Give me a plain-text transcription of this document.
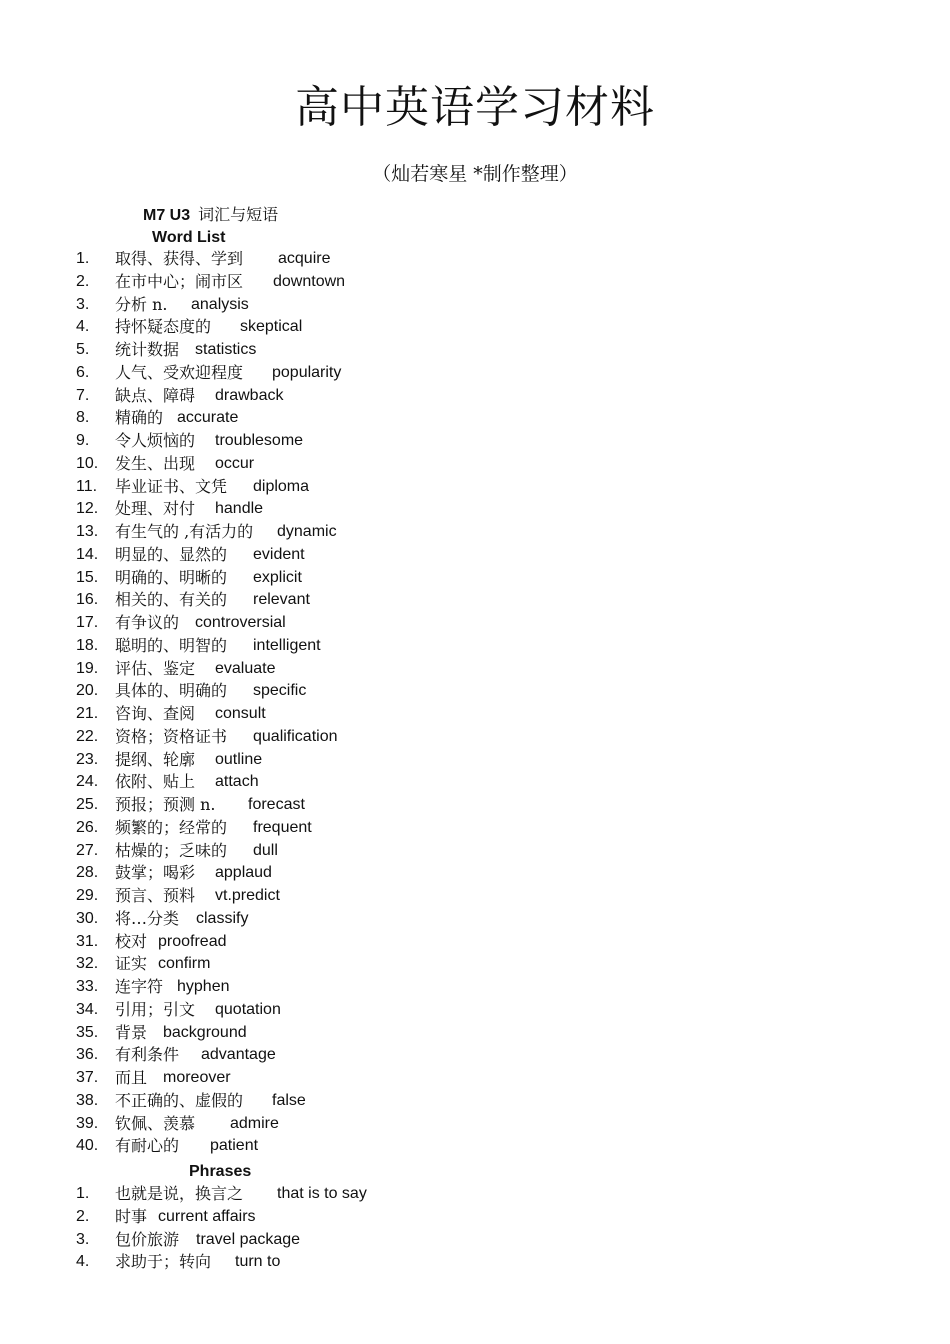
高中英语学习材料
（灿若寒星 *制作整理）
M7 U3 词汇与短语
Word List
1. 取得、获得、学到 acquire
2. 在市中心；闹市区 downtown
3. 分析 n. analysis
4. 持怀疑态度的 skeptical
5. 统计数据 statistics
6. 人气、受欢迎程度 popularity
7. 缺点、障碍 drawback
8. 精确的 accurate
9. 令人烦恼的 troublesome
10. 发生、出现 occur
11. 毕业证书、文凭 diploma
12. 处理、对付 handle
13. 有生气的 ,有活力的 dynamic
14. 明显的、显然的 evident
15. 明确的、明晰的 explicit
16. 相关的、有关的 relevant
17. 有争议的 controversial
18. 聪明的、明智的 intelligent
19. 评估、鉴定 evaluate
20. 具体的、明确的 specific
21. 咨询、查阅 consult
22. 资格；资格证书 qualification
23. 提纲、轮廓 outline
24. 依附、贴上 attach
25. 预报；预测 n. forecast
26. 频繁的；经常的 frequent
27. 枯燥的；乏味的 dull
28. 鼓掌；喝彩 applaud
29. 预言、预料 vt.predict
30. 将…分类 classify
31. 校对 proofread
32. 证实 confirm
33. 连字符 hyphen
34. 引用；引文 quotation
35. 背景 background
36. 有利条件 advantage
37. 而且 moreover
38. 不正确的、虚假的 false
39. 钦佩、羡慕 admire
40. 有耐心的 patient
Phrases
1. 也就是说，换言之 that is to say
2. 时事 current affairs
3. 包价旅游 travel package
4. 求助于；转向 turn to
